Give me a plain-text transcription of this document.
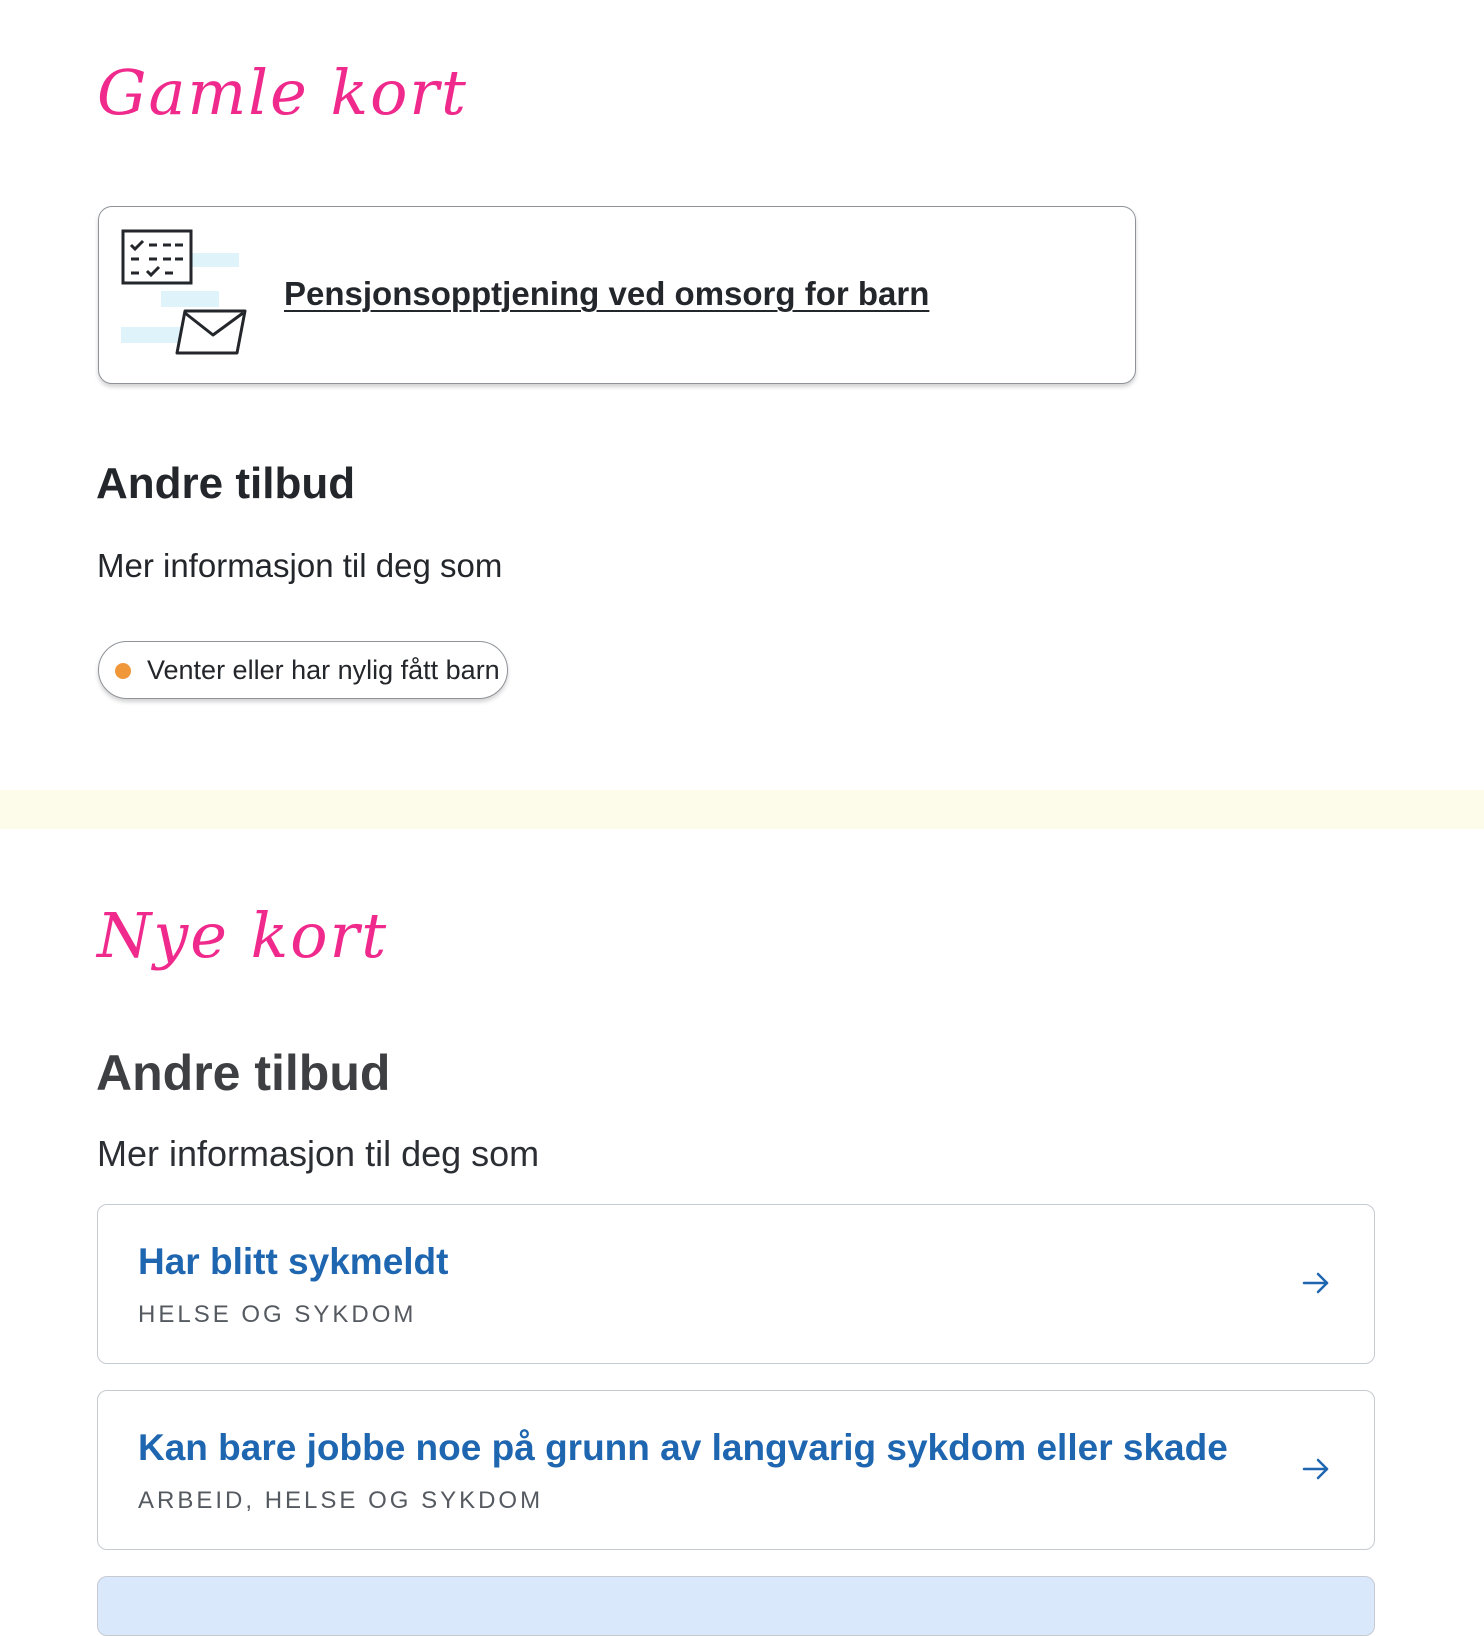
Gamle kort
Pensjonsopptjening ved omsorg for barn
Andre tilbud
Mer informasjon til deg som
Venter eller har nylig fått barn
Nye kort
Andre tilbud
Mer informasjon til deg som
Har blitt sykmeldt
HELSE OG SYKDOM
Kan bare jobbe noe på grunn av langvarig sykdom eller skade
ARBEID, HELSE OG SYKDOM
